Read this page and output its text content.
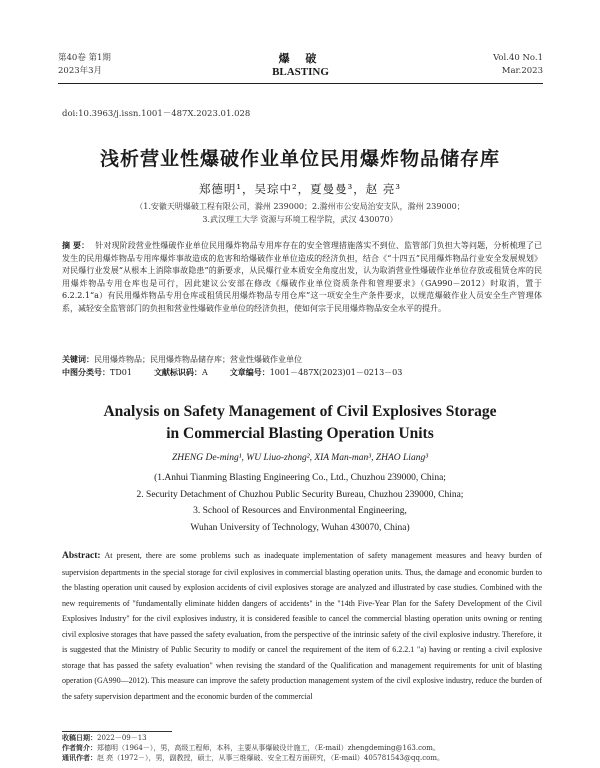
第40卷 第1期
2023年3月
爆 破
BLASTING
Vol.40 No.1
Mar.2023
doi:10.3963/j.issn.1001－487X.2023.01.028
浅析营业性爆破作业单位民用爆炸物品储存库
郑德明¹，吴琮中²，夏曼曼³，赵 亮³
（1.安徽天明爆破工程有限公司，滁州 239000；2.滁州市公安局治安支队，滁州 239000；
3.武汉理工大学 资源与环境工程学院，武汉 430070）
摘 要： 针对现阶段营业性爆破作业单位民用爆炸物品专用库存在的安全管理措施落实不到位、监管部门负担大等问题，分析梳理了已发生的民用爆炸物品专用库爆炸事故造成的危害和给爆破作业单位造成的经济负担，结合《“十四五”民用爆炸物品行业安全发展规划》对民爆行业发展“从根本上消除事故隐患”的新要求，从民爆行业本质安全角度出发，认为取消营业性爆破作业单位存放或租赁仓库的民用爆炸物品专用仓库也是可行，因此建议公安部在修改《爆破作业单位资质条件和管理要求》（GA990－2012）时取消，置于6.2.2.1“a）有民用爆炸物品专用仓库或租赁民用爆炸物品专用仓库”这一项安全生产条件要求，以规范爆破作业人员安全生产管理体系，减轻安全监管部门的负担和营业性爆破作业单位的经济负担，使如何宗于民用爆炸物品安全水平的提升。
关键词：民用爆炸物品；民用爆炸物品储存库；营业性爆破作业单位
中图分类号：TD01	文献标识码：A	文章编号：1001－487X(2023)01－0213－03
Analysis on Safety Management of Civil Explosives Storage
in Commercial Blasting Operation Units
ZHENG De-ming¹, WU Liuo-zhong², XIA Man-man³, ZHAO Liang³
(1.Anhui Tianming Blasting Engineering Co., Ltd., Chuzhou 239000, China;
2. Security Detachment of Chuzhou Public Security Bureau, Chuzhou 239000, China;
3. School of Resources and Environmental Engineering,
Wuhan University of Technology, Wuhan 430070, China)
Abstract: At present, there are some problems such as inadequate implementation of safety management measures and heavy burden of supervision departments in the special storage for civil explosives in commercial blasting operation units. Thus, the damage and economic burden to the blasting operation unit caused by explosion accidents of civil explosives storage are analyzed and illustrated by case studies. Combined with the new requirements of "fundamentally eliminate hidden dangers of accidents" in the "14th Five-Year Plan for the Safety Development of the Civil Explosives Industry" for the civil explosives industry, it is considered feasible to cancel the commercial blasting operation units owning or renting civil explosive storages that have passed the safety evaluation, from the perspective of the intrinsic safety of the civil explosive industry. Therefore, it is suggested that the Ministry of Public Security to modify or cancel the requirement of the item of 6.2.2.1 "a) having or renting a civil explosive storage that has passed the safety evaluation" when revising the standard of the Qualification and management requirements for unit of blasting operation (GA990—2012). This measure can improve the safety production management system of the civil explosive industry, reduce the burden of the safety supervision department and the economic burden of the commercial
收稿日期：2022－09－13
作者简介：郑德明（1964－），男，高级工程师，本科，主要从事爆破设计施工，（E-mail）zhengdeming@163.com。
通讯作者：赵 亮（1972－），男，副教授，硕士，从事三维爆破、安全工程方面研究，（E-mail）405781543@qq.com。
